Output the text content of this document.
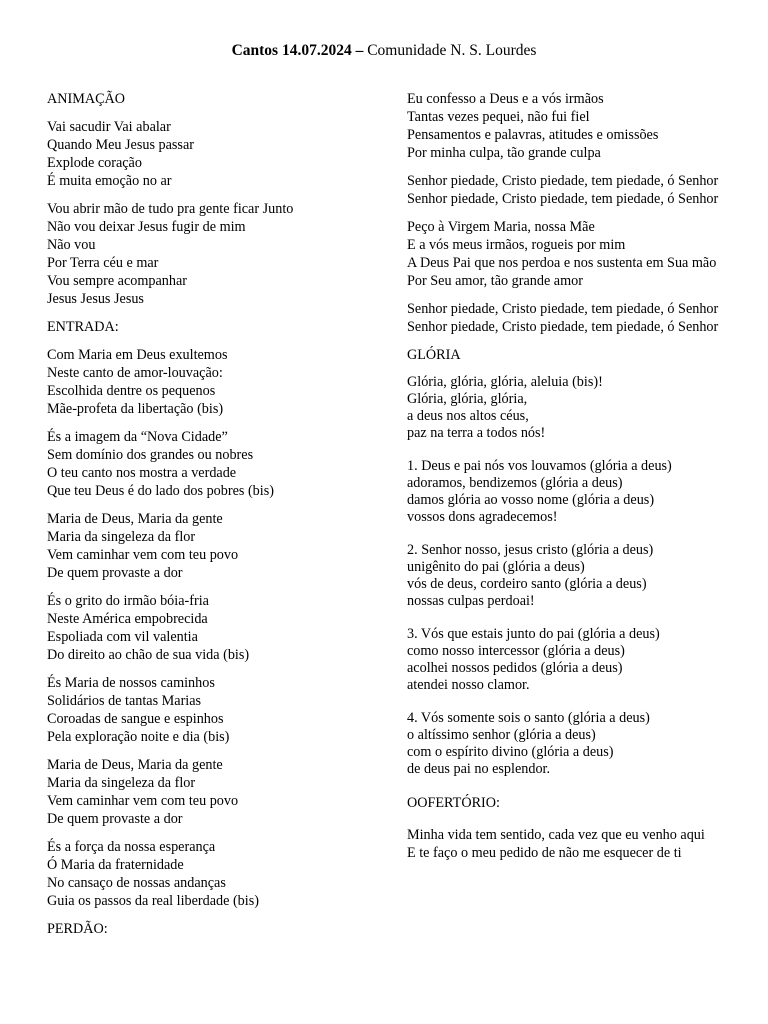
Cantos 14.07.2024 – Comunidade N. S. Lourdes
ANIMAÇÃO
Vai sacudir Vai abalar
Quando Meu Jesus passar
Explode coração
É muita emoção no ar
Vou abrir mão de tudo pra gente ficar Junto
Não vou deixar Jesus fugir de mim
Não vou
Por Terra céu e mar
Vou sempre acompanhar
Jesus Jesus Jesus
ENTRADA:
Com Maria em Deus exultemos
Neste canto de amor-louvação:
Escolhida dentre os pequenos
Mãe-profeta da libertação (bis)
És a imagem da “Nova Cidade”
Sem domínio dos grandes ou nobres
O teu canto nos mostra a verdade
Que teu Deus é do lado dos pobres (bis)
Maria de Deus, Maria da gente
Maria da singeleza da flor
Vem caminhar vem com teu povo
De quem provaste a dor
És o grito do irmão bóia-fria
Neste América empobrecida
Espoliada com vil valentia
Do direito ao chão de sua vida (bis)
És Maria de nossos caminhos
Solidários de tantas Marias
Coroadas de sangue e espinhos
Pela exploração noite e dia (bis)
Maria de Deus, Maria da gente
Maria da singeleza da flor
Vem caminhar vem com teu povo
De quem provaste a dor
És a força da nossa esperança
Ó Maria da fraternidade
No cansaço de nossas andanças
Guia os passos da real liberdade (bis)
PERDÃO:
Eu confesso a Deus e a vós irmãos
Tantas vezes pequei, não fui fiel
Pensamentos e palavras, atitudes e omissões
Por minha culpa, tão grande culpa
Senhor piedade, Cristo piedade, tem piedade, ó Senhor
Senhor piedade, Cristo piedade, tem piedade, ó Senhor
Peço à Virgem Maria, nossa Mãe
E a vós meus irmãos, rogueis por mim
A Deus Pai que nos perdoa e nos sustenta em Sua mão
Por Seu amor, tão grande amor
Senhor piedade, Cristo piedade, tem piedade, ó Senhor
Senhor piedade, Cristo piedade, tem piedade, ó Senhor
GLÓRIA
Glória, glória, glória, aleluia (bis)!
Glória, glória, glória,
a deus nos altos céus,
paz na terra a todos nós!
1. Deus e pai nós vos louvamos (glória a deus)
adoramos, bendizemos (glória a deus)
damos glória ao vosso nome (glória a deus)
vossos dons agradecemos!
2. Senhor nosso, jesus cristo (glória a deus)
unigênito do pai (glória a deus)
vós de deus, cordeiro santo (glória a deus)
nossas culpas perdoai!
3. Vós que estais junto do pai (glória a deus)
como nosso intercessor (glória a deus)
acolhei nossos pedidos (glória a deus)
atendei nosso clamor.
4. Vós somente sois o santo (glória a deus)
o altíssimo senhor (glória a deus)
com o espírito divino (glória a deus)
de deus pai no esplendor.
OOFERTÓRIO:
Minha vida tem sentido, cada vez que eu venho aqui
E te faço o meu pedido de não me esquecer de ti
